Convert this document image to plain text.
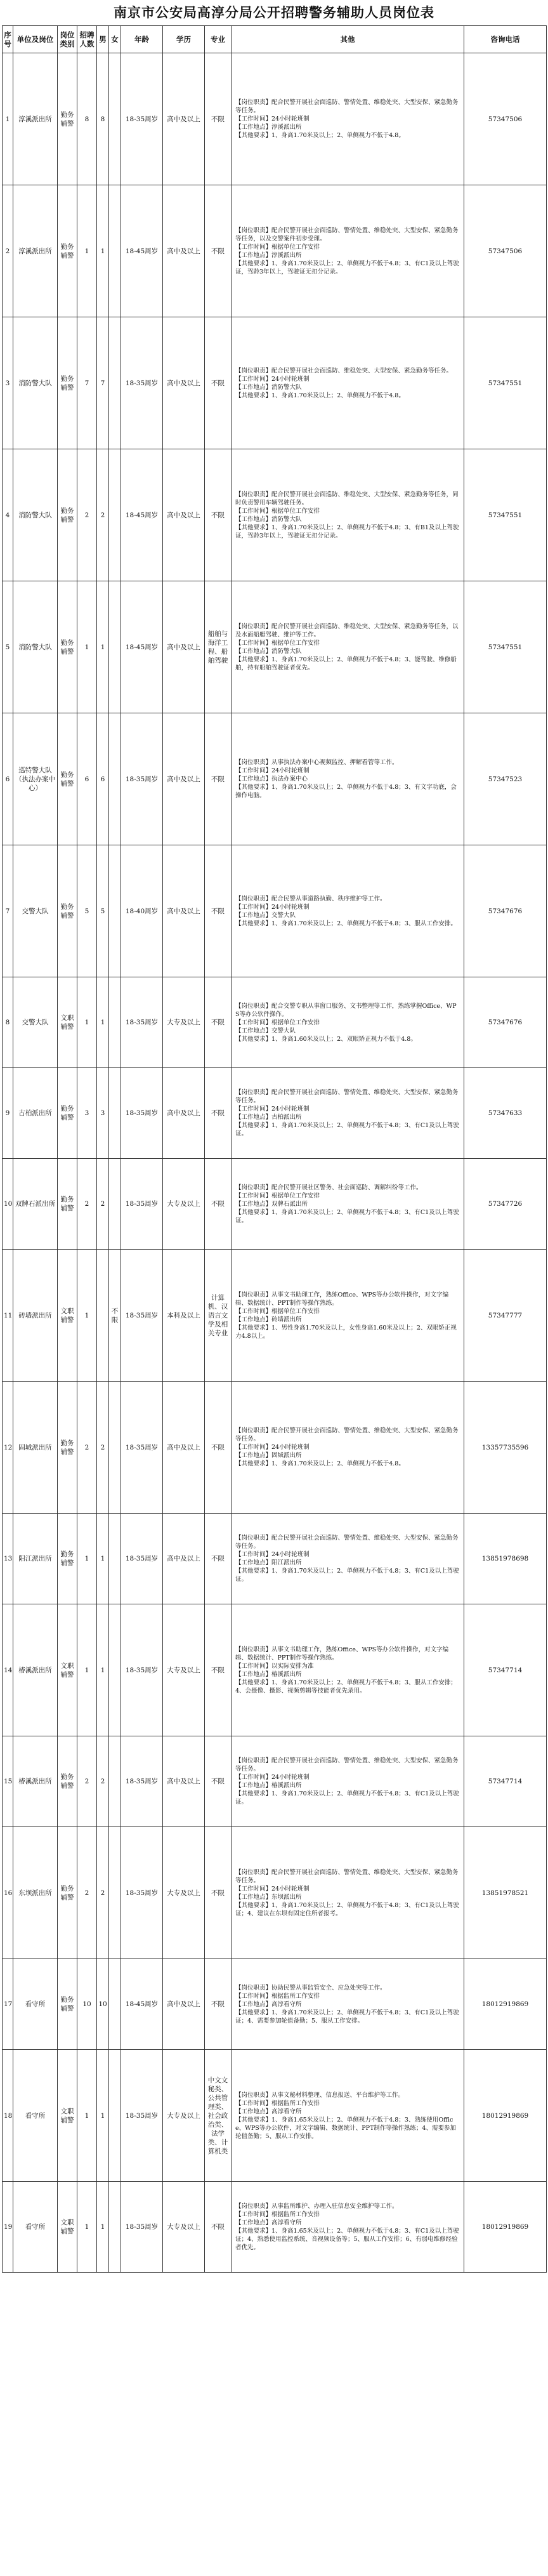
南京市公安局高淳分局公开招聘警务辅助人员岗位表
序号	单位及岗位	岗位类别	招聘人数	男	女	年龄	学历	专业	其他	咨询电话
1	淳溪派出所	勤务辅警	8	8		18-35周岁	高中及以上	不限	【岗位职责】配合民警开展社会面巡防、警情处置、维稳处突、大型安保、紧急勤务等任务。
【工作时间】24小时轮班制
【工作地点】淳溪派出所
【其他要求】1、身高1.70米及以上；2、单侧视力不低于4.8。	57347506
2	淳溪派出所	勤务辅警	1	1		18-45周岁	高中及以上	不限	【岗位职责】配合民警开展社会面巡防、警情处置、维稳处突、大型安保、紧急勤务等任务，以及交警案件初步受理。
【工作时间】根据单位工作安排
【工作地点】淳溪派出所
【其他要求】1、身高1.70米及以上；2、单侧视力不低于4.8；3、有C1及以上驾驶证，驾龄3年以上，驾驶证无扣分记录。	57347506
3	消防警大队	勤务辅警	7	7		18-35周岁	高中及以上	不限	【岗位职责】配合民警开展社会面巡防、维稳处突、大型安保、紧急勤务等任务。
【工作时间】24小时轮班制
【工作地点】消防警大队
【其他要求】1、身高1.70米及以上；2、单侧视力不低于4.8。	57347551
4	消防警大队	勤务辅警	2	2		18-45周岁	高中及以上	不限	【岗位职责】配合民警开展社会面巡防、维稳处突、大型安保、紧急勤务等任务，同时负责警用车辆驾驶任务。
【工作时间】根据单位工作安排
【工作地点】消防警大队
【其他要求】1、身高1.70米及以上；2、单侧视力不低于4.8；3、有B1及以上驾驶证，驾龄3年以上，驾驶证无扣分记录。	57347551
5	消防警大队	勤务辅警	1	1		18-45周岁	高中及以上	船舶与海洋工程、船舶驾驶	【岗位职责】配合民警开展社会面巡防、维稳处突、大型安保、紧急勤务等任务，以及水面船艇驾驶、维护等工作。
【工作时间】根据单位工作安排
【工作地点】消防警大队
【其他要求】1、身高1.70米及以上；2、单侧视力不低于4.8；3、能驾驶、维修船舶，持有船舶驾驶证者优先。	57347551
6	巡特警大队（执法办案中心）	勤务辅警	6	6		18-35周岁	高中及以上	不限	【岗位职责】从事执法办案中心视频监控、押解看管等工作。
【工作时间】24小时轮班制
【工作地点】执法办案中心
【其他要求】1、身高1.70米及以上；2、单侧视力不低于4.8；3、有文字功底，会操作电脑。	57347523
7	交警大队	勤务辅警	5	5		18-40周岁	高中及以上	不限	【岗位职责】配合民警从事道路执勤、秩序维护等工作。
【工作时间】24小时轮班制
【工作地点】交警大队
【其他要求】1、身高1.70米及以上；2、单侧视力不低于4.8；3、服从工作安排。	57347676
8	交警大队	文职辅警	1	1		18-35周岁	大专及以上	不限	【岗位职责】配合交警专职从事窗口服务、文书整理等工作，熟练掌握Office、WPS等办公软件操作。
【工作时间】根据单位工作安排
【工作地点】交警大队
【其他要求】1、身高1.60米及以上；2、双眼矫正视力不低于4.8。	57347676
9	古柏派出所	勤务辅警	3	3		18-35周岁	高中及以上	不限	【岗位职责】配合民警开展社会面巡防、警情处置、维稳处突、大型安保、紧急勤务等任务。
【工作时间】24小时轮班制
【工作地点】古柏派出所
【其他要求】1、身高1.70米及以上；2、单侧视力不低于4.8；3、有C1及以上驾驶证。	57347633
10	双牌石派出所	勤务辅警	2	2		18-35周岁	大专及以上	不限	【岗位职责】配合民警开展社区警务、社会面巡防、调解纠纷等工作。
【工作时间】根据单位工作安排
【工作地点】双牌石派出所
【其他要求】1、身高1.70米及以上；2、单侧视力不低于4.8；3、有C1及以上驾驶证。	57347726
11	砖墙派出所	文职辅警	1		不限	18-35周岁	本科及以上	计算机、汉语言文学及相关专业	【岗位职责】从事文书助理工作，熟练Office、WPS等办公软件操作，对文字编辑、数据统计、PPT制作等操作熟练。
【工作时间】根据单位工作安排
【工作地点】砖墙派出所
【其他要求】1、男性身高1.70米及以上，女性身高1.60米及以上；2、双眼矫正视力4.8以上。	57347777
12	固城派出所	勤务辅警	2	2		18-35周岁	高中及以上	不限	【岗位职责】配合民警开展社会面巡防、警情处置、维稳处突、大型安保、紧急勤务等任务。
【工作时间】24小时轮班制
【工作地点】固城派出所
【其他要求】1、身高1.70米及以上；2、单侧视力不低于4.8。	13357735596
13	阳江派出所	勤务辅警	1	1		18-35周岁	高中及以上	不限	【岗位职责】配合民警开展社会面巡防、警情处置、维稳处突、大型安保、紧急勤务等任务。
【工作时间】24小时轮班制
【工作地点】阳江派出所
【其他要求】1、身高1.70米及以上；2、单侧视力不低于4.8；3、有C1及以上驾驶证。	13851978698
14	椿溪派出所	文职辅警	1	1		18-35周岁	大专及以上	不限	【岗位职责】从事文书助理工作，熟练Office、WPS等办公软件操作，对文字编辑、数据统计、PPT制作等操作熟练。
【工作时间】以实际安排为准
【工作地点】椿溪派出所
【其他要求】1、身高1.70米及以上；2、单侧视力不低于4.8；3、服从工作安排；4、会摄像、摄影、视频剪辑等技能者优先录用。	57347714
15	椿溪派出所	勤务辅警	2	2		18-35周岁	高中及以上	不限	【岗位职责】配合民警开展社会面巡防、警情处置、维稳处突、大型安保、紧急勤务等任务。
【工作时间】24小时轮班制
【工作地点】椿溪派出所
【其他要求】1、身高1.70米及以上；2、单侧视力不低于4.8；3、有C1及以上驾驶证。	57347714
16	东坝派出所	勤务辅警	2	2		18-35周岁	大专及以上	不限	【岗位职责】配合民警开展社会面巡防、警情处置、维稳处突、大型安保、紧急勤务等任务。
【工作时间】24小时轮班制
【工作地点】东坝派出所
【其他要求】1、身高1.70米及以上；2、单侧视力不低于4.8；3、有C1及以上驾驶证；4、建议在东坝有固定住所者报考。	13851978521
17	看守所	勤务辅警	10	10		18-45周岁	高中及以上	不限	【岗位职责】协助民警从事监管安全、应急处突等工作。
【工作时间】根据监所工作安排
【工作地点】高淳看守所
【其他要求】1、身高1.70米及以上；2、单侧视力不低于4.8；3、有C1及以上驾驶证；4、需要参加轮值备勤；5、服从工作安排。	18012919869
18	看守所	文职辅警	1	1		18-35周岁	大专及以上	中文文秘类、公共管理类、社会政治类、法学类、计算机类	【岗位职责】从事文秘材料整理、信息报送、平台维护等工作。
【工作时间】根据监所工作安排
【工作地点】高淳看守所
【其他要求】1、身高1.65米及以上；2、单侧视力不低于4.8；3、熟练使用Office、WPS等办公软件，对文字编辑、数据统计、PPT制作等操作熟练；4、需要参加轮值备勤；5、服从工作安排。	18012919869
19	看守所	文职辅警	1	1		18-35周岁	大专及以上	不限	【岗位职责】从事监所维护、办理入驻信息安全维护等工作。
【工作时间】根据监所工作安排
【工作地点】高淳看守所
【其他要求】1、身高1.65米及以上；2、单侧视力不低于4.8；3、有C1及以上驾驶证；4、熟悉使用监控系统、音视频设备等；5、服从工作安排；6、有弱电维修经验者优先。	18012919869
